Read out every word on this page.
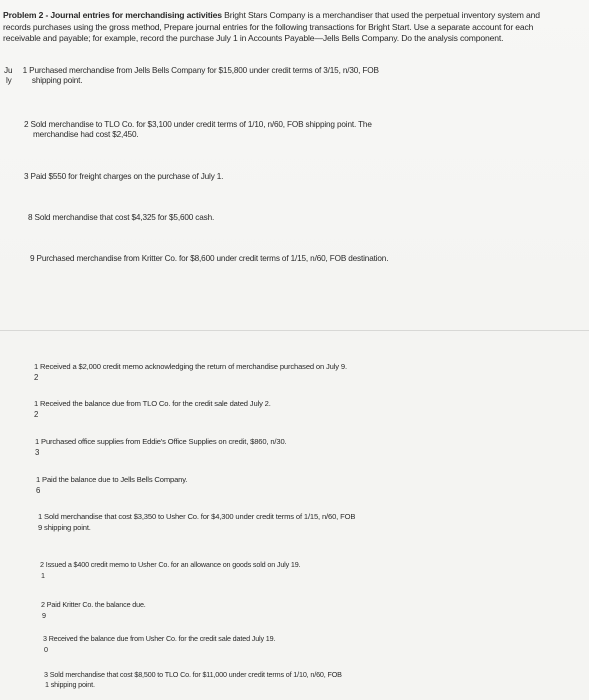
Problem 2 - Journal entries for merchandising activities Bright Stars Company is a merchandiser that used the perpetual inventory system and
records purchases using the gross method, Prepare journal entries for the following transactions for Bright Start. Use a separate account for each
receivable and payable; for example, record the purchase July 1 in Accounts Payable—Jells Bells Company. Do the analysis component.
Ju 1 Purchased merchandise from Jells Bells Company for $15,800 under credit terms of 3/15, n/30, FOB
ly shipping point.
2 Sold merchandise to TLO Co. for $3,100 under credit terms of 1/10, n/60, FOB shipping point. The
merchandise had cost $2,450.
3 Paid $550 for freight charges on the purchase of July 1.
8 Sold merchandise that cost $4,325 for $5,600 cash.
9 Purchased merchandise from Kritter Co. for $8,600 under credit terms of 1/15, n/60, FOB destination.
1 Received a $2,000 credit memo acknowledging the return of merchandise purchased on July 9.
2
1 Received the balance due from TLO Co. for the credit sale dated July 2.
2
1 Purchased office supplies from Eddie's Office Supplies on credit, $860, n/30.
3
1 Paid the balance due to Jells Bells Company.
6
1 Sold merchandise that cost $3,350 to Usher Co. for $4,300 under credit terms of 1/15, n/60, FOB
9 shipping point.
2 Issued a $400 credit memo to Usher Co. for an allowance on goods sold on July 19.
1
2 Paid Kritter Co. the balance due.
9
3 Received the balance due from Usher Co. for the credit sale dated July 19.
0
3 Sold merchandise that cost $8,500 to TLO Co. for $11,000 under credit terms of 1/10, n/60, FOB
1 shipping point.
